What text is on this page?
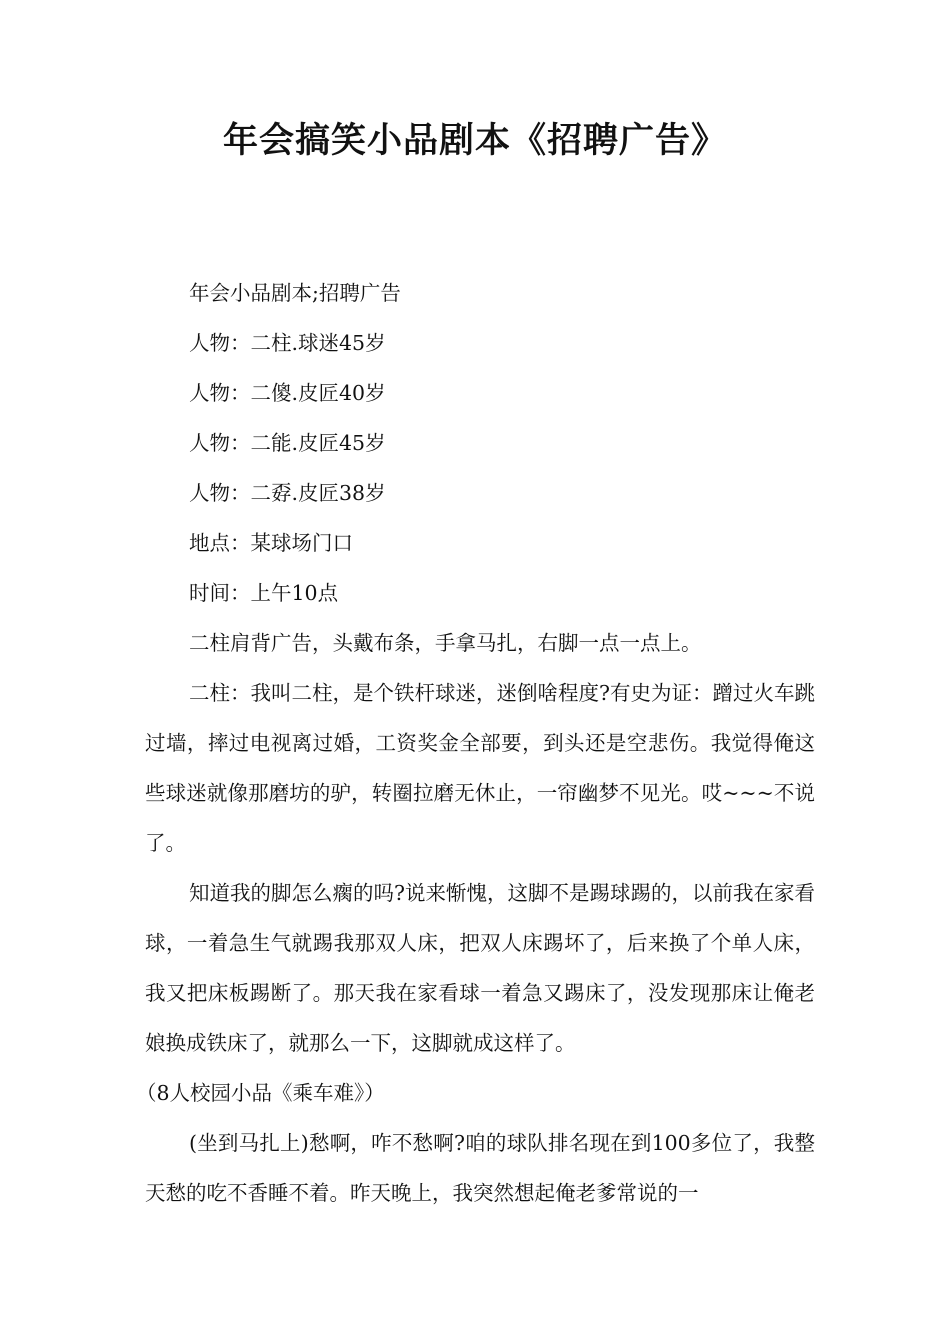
年会搞笑小品剧本《招聘广告》

年会小品剧本;招聘广告

人物：二柱.球迷45岁

人物：二傻.皮匠40岁

人物：二能.皮匠45岁

人物：二孬.皮匠38岁

地点：某球场门口

时间：上午10点

二柱肩背广告，头戴布条，手拿马扎，右脚一点一点上。

二柱：我叫二柱，是个铁杆球迷，迷倒啥程度?有史为证：蹭过火车跳过墙，摔过电视离过婚，工资奖金全部要，到头还是空悲伤。我觉得俺这些球迷就像那磨坊的驴，转圈拉磨无休止，一帘幽梦不见光。哎~~~不说了。

知道我的脚怎么瘸的吗?说来惭愧，这脚不是踢球踢的，以前我在家看球，一着急生气就踢我那双人床，把双人床踢坏了，后来换了个单人床，我又把床板踢断了。那天我在家看球一着急又踢床了，没发现那床让俺老娘换成铁床了，就那么一下，这脚就成这样了。

（8人校园小品《乘车难》）

(坐到马扎上)愁啊，咋不愁啊?咱的球队排名现在到100多位了，我整天愁的吃不香睡不着。昨天晚上，我突然想起俺老爹常说的一
